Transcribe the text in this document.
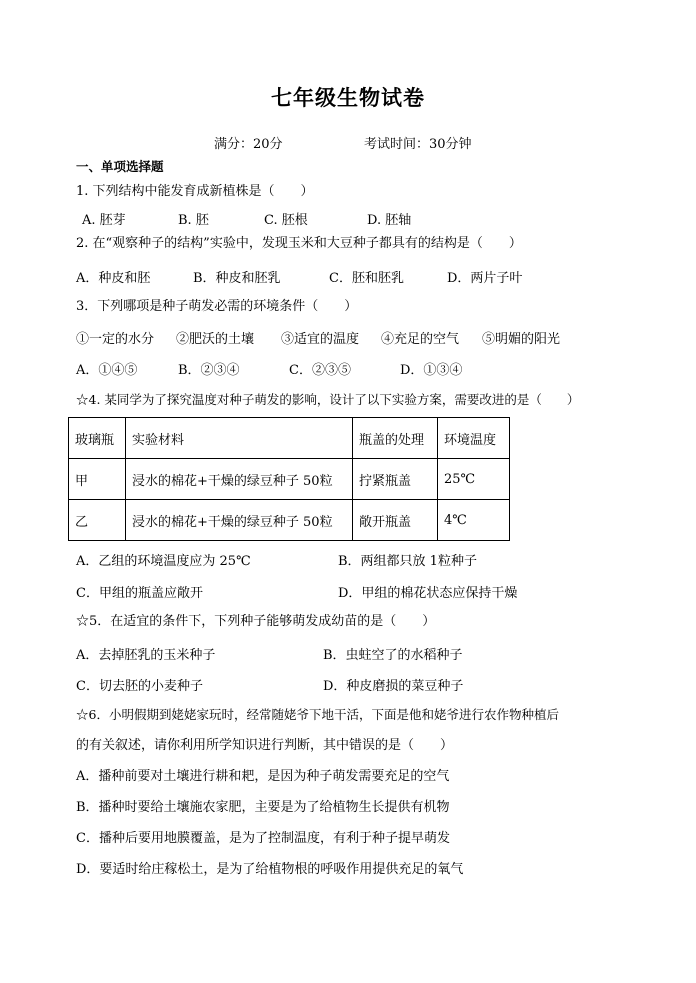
七年级生物试卷
满分：20分	考试时间：30分钟
一、单项选择题
1. 下列结构中能发育成新植株是（　　）
A. 胚芽	B. 胚	C. 胚根	D. 胚轴
2. 在“观察种子的结构”实验中，发现玉米和大豆种子都具有的结构是（　　）
A．种皮和胚	B．种皮和胚乳	C．胚和胚乳	D．两片子叶
3．下列哪项是种子萌发必需的环境条件（　　）
①一定的水分 ②肥沃的土壤 ③适宜的温度 ④充足的空气 ⑤明媚的阳光
A．①④⑤	B．②③④	C．②③⑤	D．①③④
☆4. 某同学为了探究温度对种子萌发的影响，设计了以下实验方案，需要改进的是（　　）
玻璃瓶	实验材料	瓶盖的处理	环境温度
甲	浸水的棉花+干燥的绿豆种子 50粒	拧紧瓶盖	25℃
乙	浸水的棉花+干燥的绿豆种子 50粒	敞开瓶盖	4℃
A．乙组的环境温度应为 25℃	B．两组都只放 1粒种子
C．甲组的瓶盖应敞开	D．甲组的棉花状态应保持干燥
☆5．在适宜的条件下，下列种子能够萌发成幼苗的是（　　）
A．去掉胚乳的玉米种子	B．虫蛀空了的水稻种子
C．切去胚的小麦种子	D．种皮磨损的菜豆种子
☆6．小明假期到姥姥家玩时，经常随姥爷下地干活，下面是他和姥爷进行农作物种植后
的有关叙述，请你利用所学知识进行判断，其中错误的是（　　）
A．播种前要对土壤进行耕和耙，是因为种子萌发需要充足的空气
B．播种时要给土壤施农家肥，主要是为了给植物生长提供有机物
C．播种后要用地膜覆盖，是为了控制温度，有利于种子提早萌发
D．要适时给庄稼松土，是为了给植物根的呼吸作用提供充足的氧气
